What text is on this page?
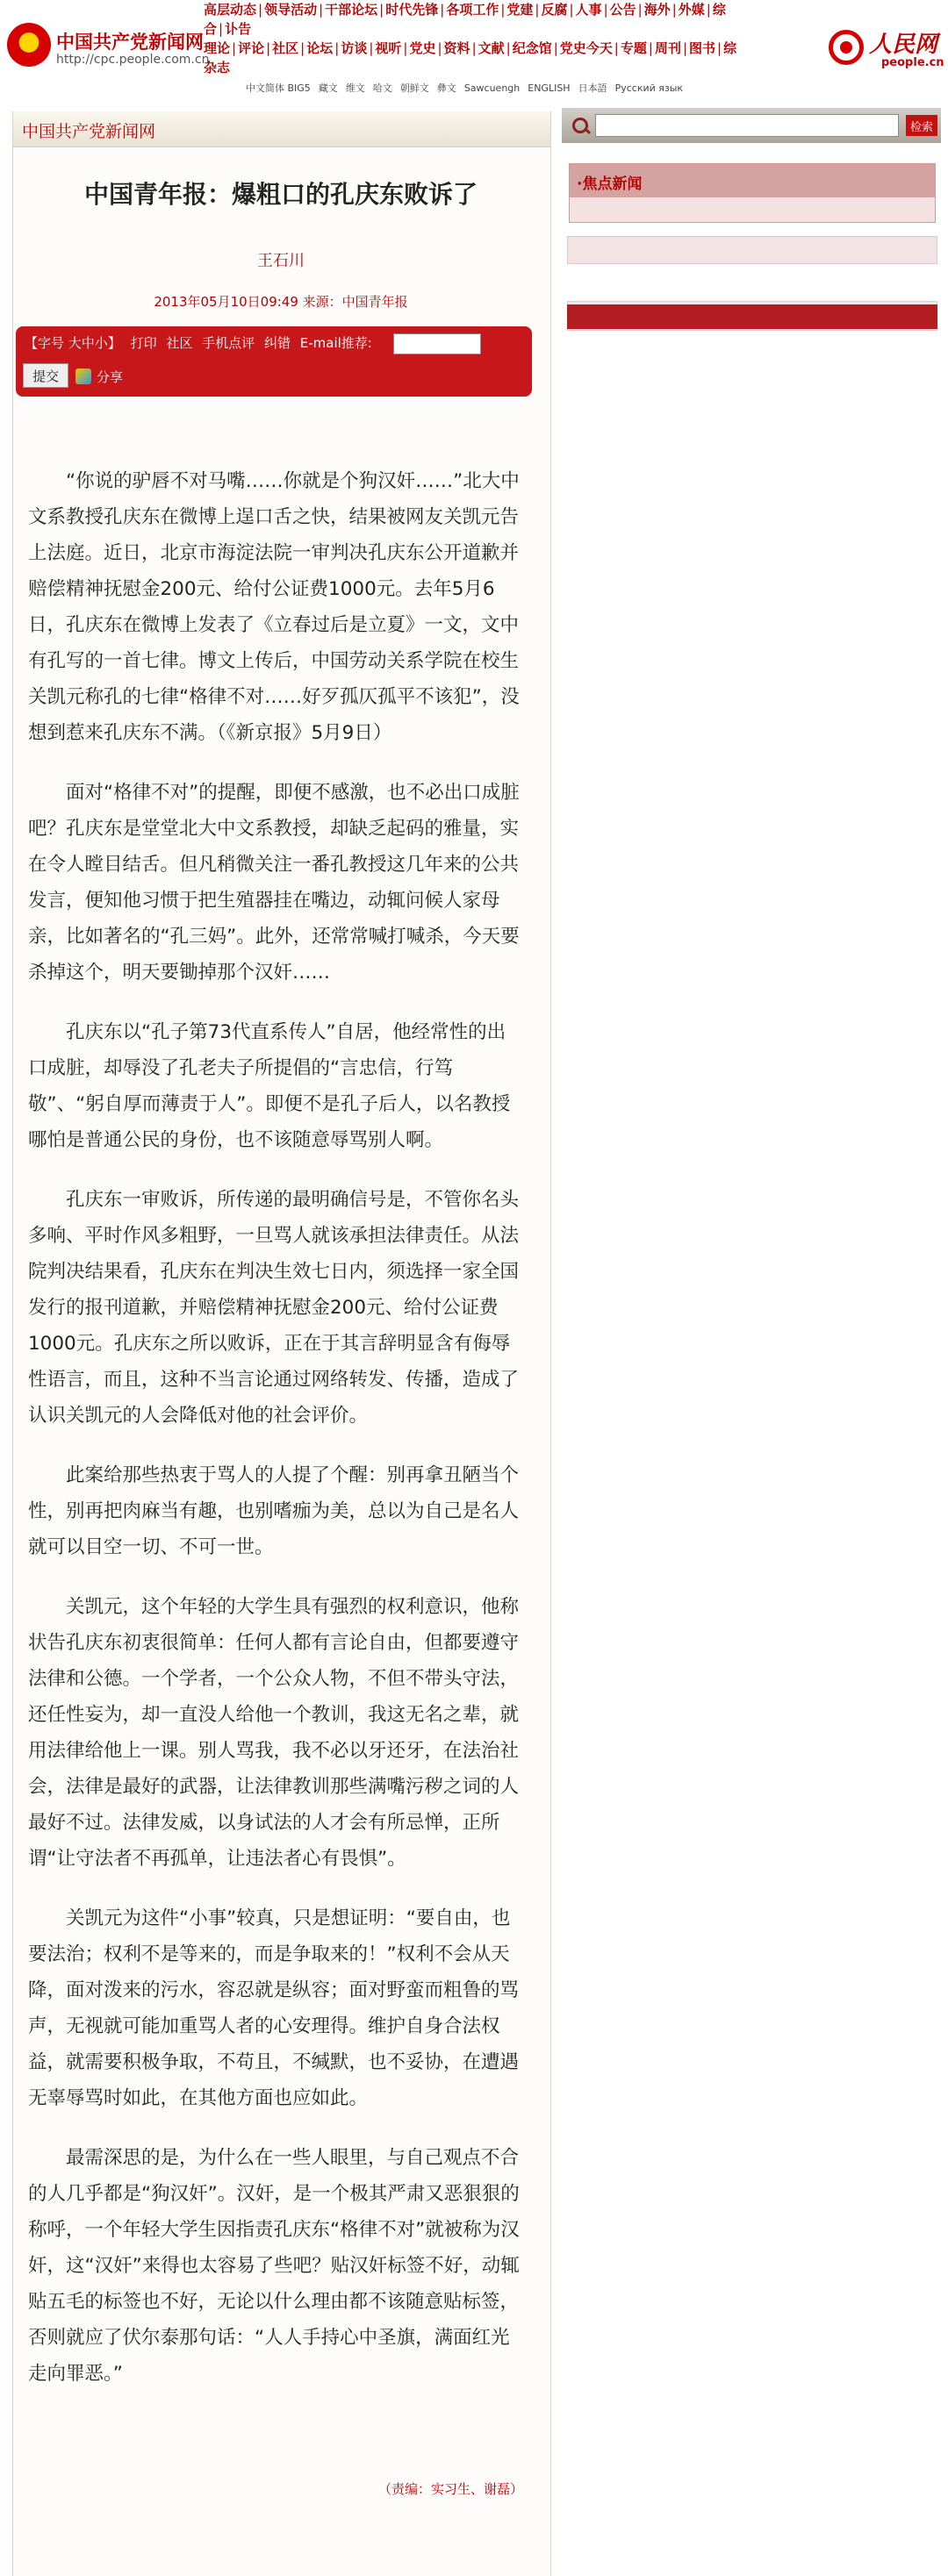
中国共产党新闻网
http://cpc.people.com.cn
高层动态 | 领导活动 | 干部论坛 | 时代先锋 | 各项工作 | 党建 | 反腐 | 人事 | 公告 | 海外 | 外媒 | 综
合 | 讣告
理论 | 评论 | 社区 | 论坛 | 访谈 | 视听 | 党史 | 资料 | 文献 | 纪念馆 | 党史今天 | 专题 | 周刊 | 图书 | 综
杂志
中文简体 BIG5 藏文 维文 哈文 朝鲜文 彝文 Sawcuengh ENGLISH 日本語 Русский язык
人民网
people.cn
中国共产党新闻网
中国青年报：爆粗口的孔庆东败诉了
王石川
2013年05月10日09:49 来源：中国青年报
【字号 大中小】 打印 社区 手机点评 纠错 E-mail推荐:
提交	分享

“你说的驴唇不对马嘴……你就是个狗汉奸……”北大中文系教授孔庆东在微博上逞口舌之快，结果被网友关凯元告上法庭。近日，北京市海淀法院一审判决孔庆东公开道歉并赔偿精神抚慰金200元、给付公证费1000元。去年5月6日，孔庆东在微博上发表了《立春过后是立夏》一文，文中有孔写的一首七律。博文上传后，中国劳动关系学院在校生关凯元称孔的七律“格律不对……好歹孤仄孤平不该犯”，没想到惹来孔庆东不满。（《新京报》5月9日）

面对“格律不对”的提醒，即便不感激，也不必出口成脏吧？孔庆东是堂堂北大中文系教授，却缺乏起码的雅量，实在令人瞠目结舌。但凡稍微关注一番孔教授这几年来的公共发言，便知他习惯于把生殖器挂在嘴边，动辄问候人家母亲，比如著名的“孔三妈”。此外，还常常喊打喊杀，今天要杀掉这个，明天要锄掉那个汉奸……

孔庆东以“孔子第73代直系传人”自居，他经常性的出口成脏，却辱没了孔老夫子所提倡的“言忠信，行笃敬”、“躬自厚而薄责于人”。即便不是孔子后人，以名教授哪怕是普通公民的身份，也不该随意辱骂别人啊。

孔庆东一审败诉，所传递的最明确信号是，不管你名头多响、平时作风多粗野，一旦骂人就该承担法律责任。从法院判决结果看，孔庆东在判决生效七日内，须选择一家全国发行的报刊道歉，并赔偿精神抚慰金200元、给付公证费1000元。孔庆东之所以败诉，正在于其言辞明显含有侮辱性语言，而且，这种不当言论通过网络转发、传播，造成了认识关凯元的人会降低对他的社会评价。

此案给那些热衷于骂人的人提了个醒：别再拿丑陋当个性，别再把肉麻当有趣，也别嗜痂为美，总以为自己是名人就可以目空一切、不可一世。

关凯元，这个年轻的大学生具有强烈的权利意识，他称状告孔庆东初衷很简单：任何人都有言论自由，但都要遵守法律和公德。一个学者，一个公众人物，不但不带头守法，还任性妄为，却一直没人给他一个教训，我这无名之辈，就用法律给他上一课。别人骂我，我不必以牙还牙，在法治社会，法律是最好的武器，让法律教训那些满嘴污秽之词的人最好不过。法律发威，以身试法的人才会有所忌惮，正所谓“让守法者不再孤单，让违法者心有畏惧”。

关凯元为这件“小事”较真，只是想证明：“要自由，也要法治；权利不是等来的，而是争取来的！”权利不会从天降，面对泼来的污水，容忍就是纵容；面对野蛮而粗鲁的骂声，无视就可能加重骂人者的心安理得。维护自身合法权益，就需要积极争取，不苟且，不缄默，也不妥协，在遭遇无辜辱骂时如此，在其他方面也应如此。

最需深思的是，为什么在一些人眼里，与自己观点不合的人几乎都是“狗汉奸”。汉奸，是一个极其严肃又恶狠狠的称呼，一个年轻大学生因指责孔庆东“格律不对”就被称为汉奸，这“汉奸”来得也太容易了些吧？贴汉奸标签不好，动辄贴五毛的标签也不好，无论以什么理由都不该随意贴标签，否则就应了伏尔泰那句话：“人人手持心中圣旗，满面红光走向罪恶。”

（责编：实习生、谢磊）
检索
·焦点新闻
